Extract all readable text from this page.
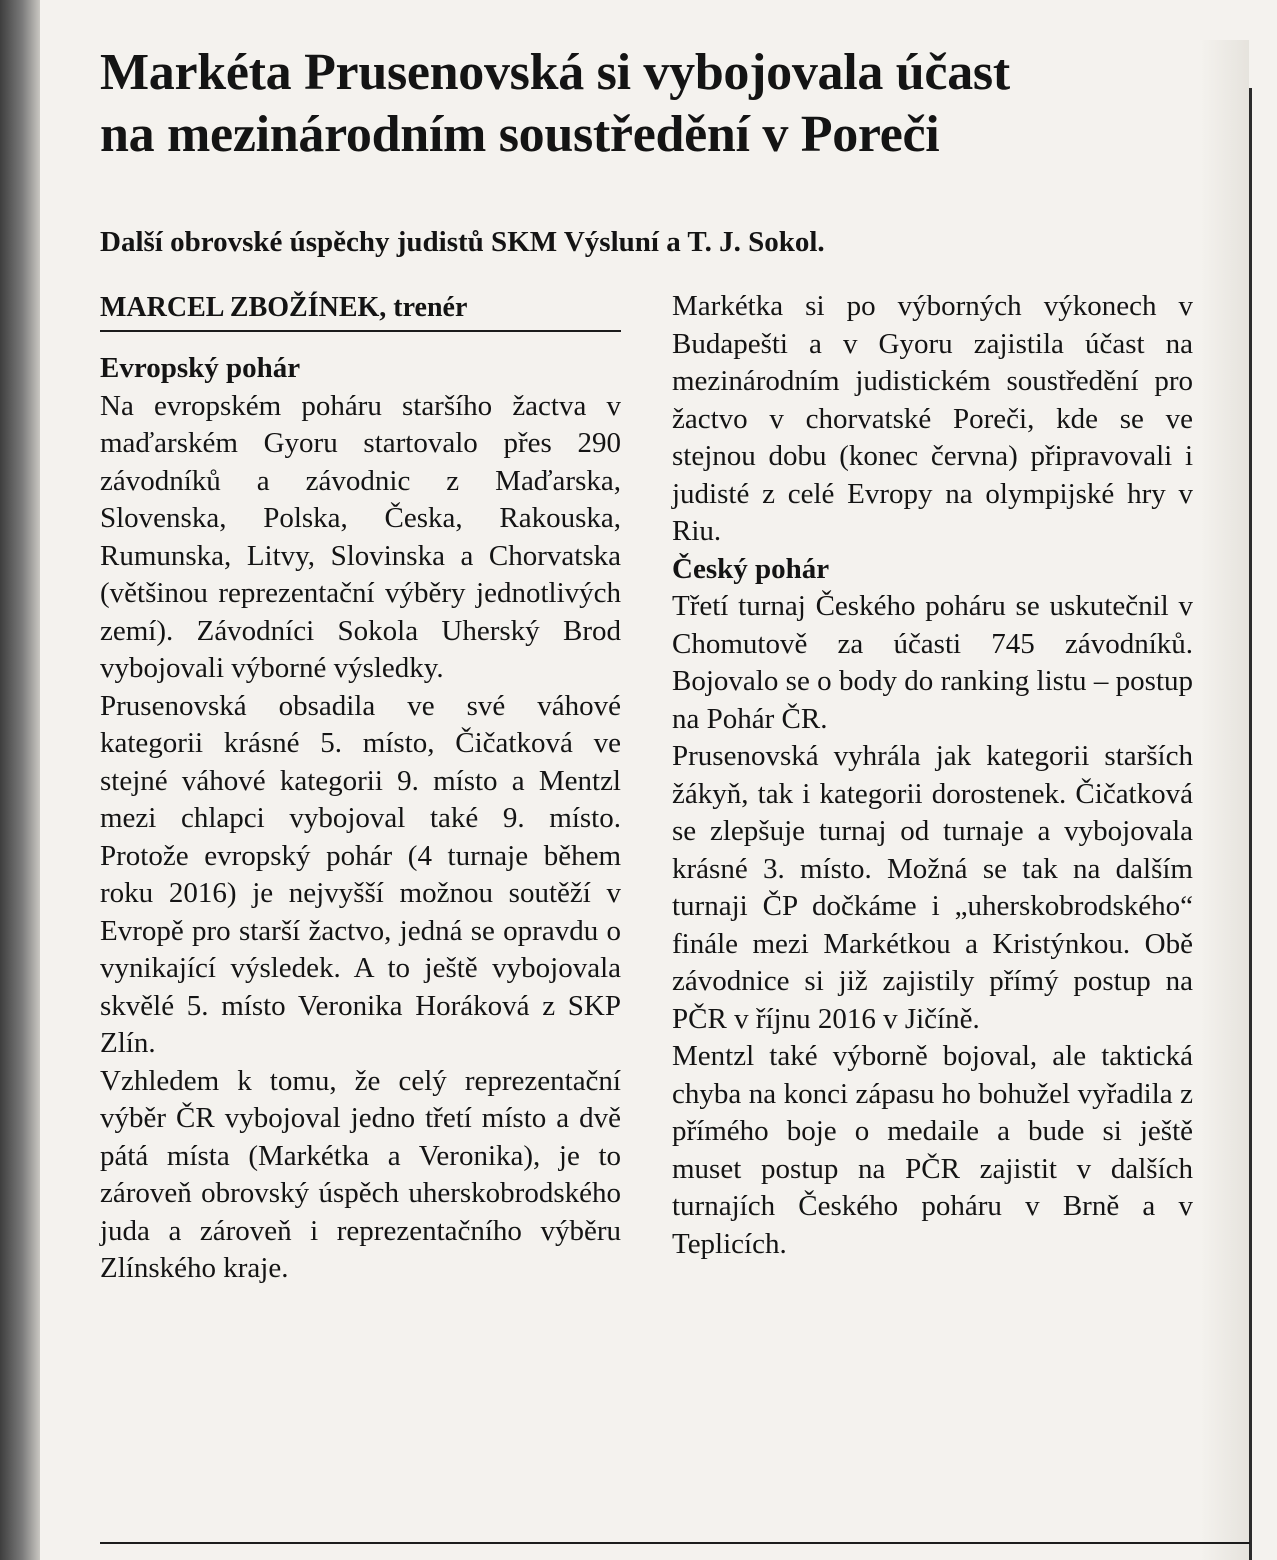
Markéta Prusenovská si vybojovala účast
na mezinárodním soustředění v Poreči
Další obrovské úspěchy judistů SKM Výsluní a T. J. Sokol.
MARCEL ZBOŽÍNEK, trenér
Evropský pohár

Na evropském poháru staršího žactva v maďarském Gyoru startovalo přes 290 závodníků a závodnic z Maďarska, Slovenska, Polska, Česka, Rakouska, Rumunska, Litvy, Slovinska a Chorvatska (většinou reprezentační výběry jednotlivých zemí). Závodníci Sokola Uherský Brod vybojovali výborné výsledky.

Prusenovská obsadila ve své váhové kategorii krásné 5. místo, Čičatková ve stejné váhové kategorii 9. místo a Mentzl mezi chlapci vybojoval také 9. místo. Protože evropský pohár (4 turnaje během roku 2016) je nejvyšší možnou soutěží v Evropě pro starší žactvo, jedná se opravdu o vynikající výsledek. A to ještě vybojovala skvělé 5. místo Veronika Horáková z SKP Zlín.

Vzhledem k tomu, že celý reprezentační výběr ČR vybojoval jedno třetí místo a dvě pátá místa (Markétka a Veronika), je to zároveň obrovský úspěch uherskobrodského juda a zároveň i reprezentačního výběru Zlínského kraje.

Markétka si po výborných výkonech v Budapešti a v Gyoru zajistila účast na mezinárodním judistickém soustředění pro žactvo v chorvatské Poreči, kde se ve stejnou dobu (konec června) připravovali i judisté z celé Evropy na olympijské hry v Riu.

Český pohár

Třetí turnaj Českého poháru se uskutečnil v Chomutově za účasti 745 závodníků. Bojovalo se o body do ranking listu – postup na Pohár ČR.

Prusenovská vyhrála jak kategorii starších žákyň, tak i kategorii dorostenek. Čičatková se zlepšuje turnaj od turnaje a vybojovala krásné 3. místo. Možná se tak na dalším turnaji ČP dočkáme i „uherskobrodského“ finále mezi Markétkou a Kristýnkou. Obě závodnice si již zajistily přímý postup na PČR v říjnu 2016 v Jičíně.

Mentzl také výborně bojoval, ale taktická chyba na konci zápasu ho bohužel vyřadila z přímého boje o medaile a bude si ještě muset postup na PČR zajistit v dalších turnajích Českého poháru v Brně a v Teplicích.
